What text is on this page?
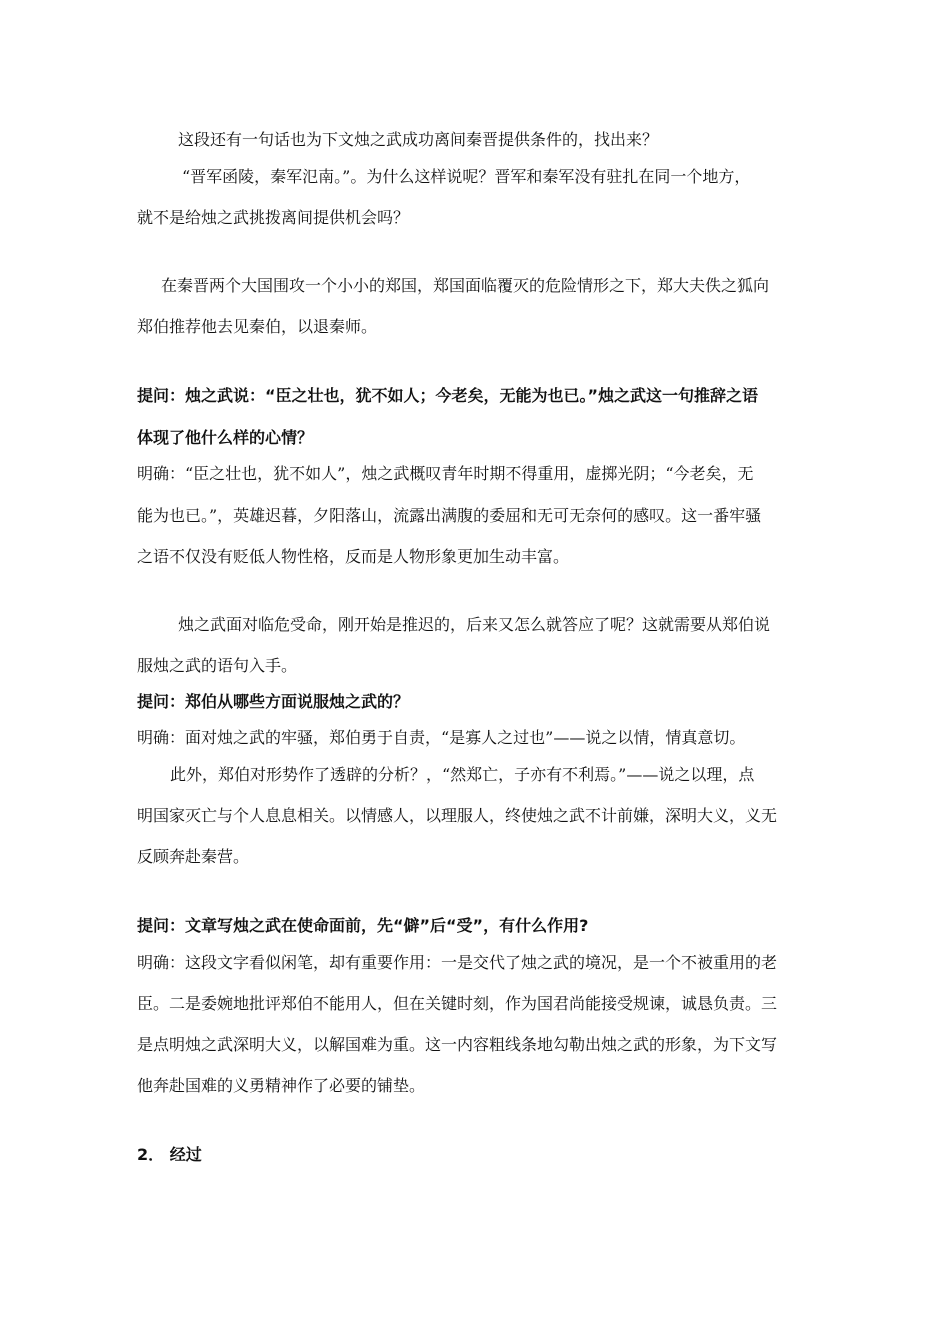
这段还有一句话也为下文烛之武成功离间秦晋提供条件的，找出来？

“晋军函陵，秦军氾南。”。为什么这样说呢？晋军和秦军没有驻扎在同一个地方，

就不是给烛之武挑拨离间提供机会吗？

在秦晋两个大国围攻一个小小的郑国，郑国面临覆灭的危险情形之下，郑大夫佚之狐向

郑伯推荐他去见秦伯，以退秦师。

提问：烛之武说：“臣之壮也，犹不如人；今老矣，无能为也已。”烛之武这一句推辞之语

体现了他什么样的心情？

明确：“臣之壮也，犹不如人”，烛之武概叹青年时期不得重用，虚掷光阴；“今老矣，无

能为也已。”，英雄迟暮，夕阳落山，流露出满腹的委屈和无可无奈何的感叹。这一番牢骚

之语不仅没有贬低人物性格，反而是人物形象更加生动丰富。

烛之武面对临危受命，刚开始是推迟的，后来又怎么就答应了呢？这就需要从郑伯说

服烛之武的语句入手。

提问：郑伯从哪些方面说服烛之武的？

明确：面对烛之武的牢骚，郑伯勇于自责，“是寡人之过也”——说之以情，情真意切。

此外，郑伯对形势作了透辟的分析？，“然郑亡，子亦有不利焉。”——说之以理，点

明国家灭亡与个人息息相关。以情感人，以理服人，终使烛之武不计前嫌，深明大义，义无

反顾奔赴秦营。

提问：文章写烛之武在使命面前，先“僻”后“受”，有什么作用?

明确：这段文字看似闲笔，却有重要作用：一是交代了烛之武的境况，是一个不被重用的老

臣。二是委婉地批评郑伯不能用人，但在关键时刻，作为国君尚能接受规谏，诚恳负责。三

是点明烛之武深明大义，以解国难为重。这一内容粗线条地勾勒出烛之武的形象，为下文写

他奔赴国难的义勇精神作了必要的铺垫。

2． 经过
